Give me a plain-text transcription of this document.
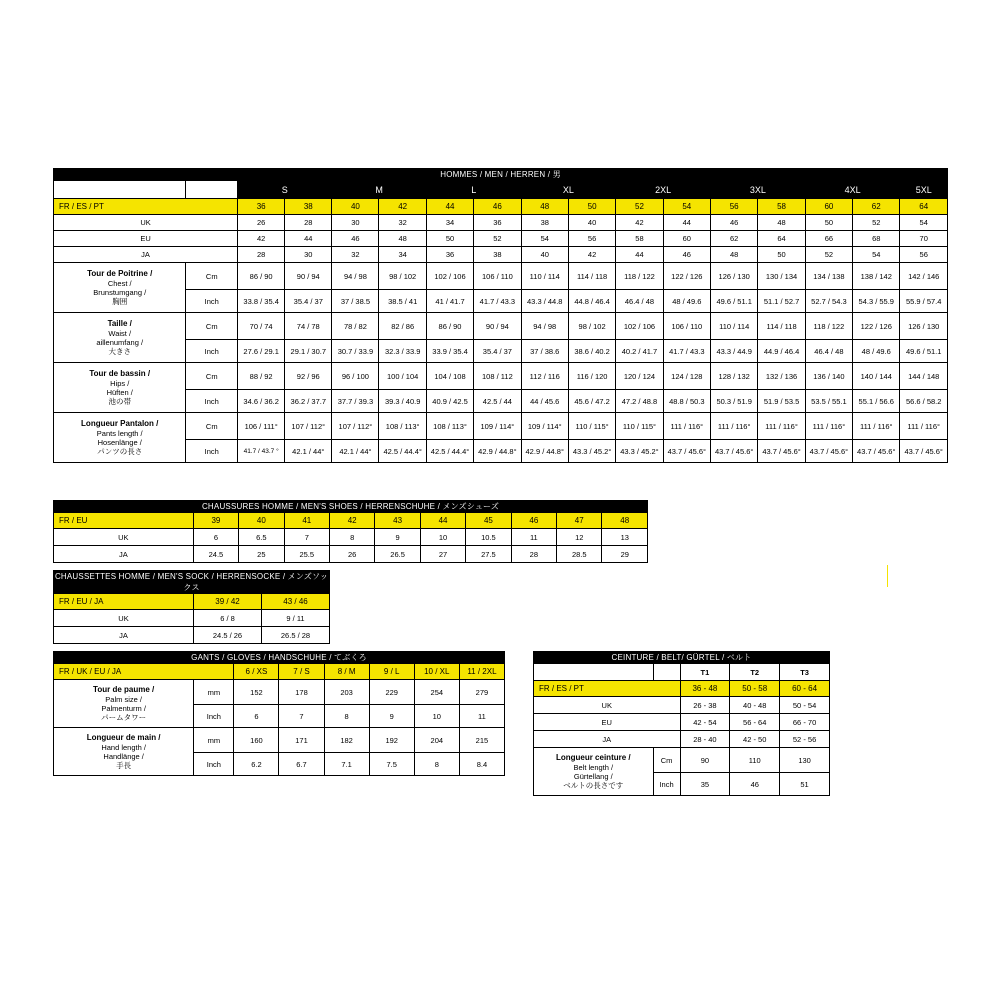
HOMMES / MEN / HERREN / 男																
		S		M		L		XL		2XL		3XL		4XL		5XL
FR / ES / PT		36	38	40	42	44	46	48	50	52	54	56	58	60	62	64
UK		26	28	30	32	34	36	38	40	42	44	46	48	50	52	54
EU		42	44	46	48	50	52	54	56	58	60	62	64	66	68	70
JA		28	30	32	34	36	38	40	42	44	46	48	50	52	54	56
Tour de Poitrine /
Chest /
Brunstumgang /
胸囲	Cm	86 / 90	90 / 94	94 / 98	98 / 102	102 / 106	106 / 110	110 / 114	114 / 118	118 / 122	122 / 126	126 / 130	130 / 134	134 / 138	138 / 142	142 / 146
	Inch	33.8 / 35.4	35.4 / 37	37 / 38.5	38.5 / 41	41 / 41.7	41.7 / 43.3	43.3 / 44.8	44.8 / 46.4	46.4 / 48	48 / 49.6	49.6 / 51.1	51.1 / 52.7	52.7 / 54.3	54.3 / 55.9	55.9 / 57.4
Taille /
Waist /
aillenumfang /
大きさ	Cm	70 / 74	74 / 78	78 / 82	82 / 86	86 / 90	90 / 94	94 / 98	98 / 102	102 / 106	106 / 110	110 / 114	114 / 118	118 / 122	122 / 126	126 / 130
	Inch	27.6 / 29.1	29.1 / 30.7	30.7 / 33.9	32.3 / 33.9	33.9 / 35.4	35.4 / 37	37 / 38.6	38.6 / 40.2	40.2 / 41.7	41.7 / 43.3	43.3 / 44.9	44.9 / 46.4	46.4 / 48	48 / 49.6	49.6 / 51.1
Tour de bassin /
Hips /
Hüften /
池の帯	Cm	88 / 92	92 / 96	96 / 100	100 / 104	104 / 108	108 / 112	112 / 116	116 / 120	120 / 124	124 / 128	128 / 132	132 / 136	136 / 140	140 / 144	144 / 148
	Inch	34.6 / 36.2	36.2 / 37.7	37.7 / 39.3	39.3 / 40.9	40.9 / 42.5	42.5 / 44	44 / 45.6	45.6 / 47.2	47.2 / 48.8	48.8 / 50.3	50.3 / 51.9	51.9 / 53.5	53.5 / 55.1	55.1 / 56.6	56.6 / 58.2
Longueur Pantalon /
Pants length /
Hosenlänge /
パンツの長さ	Cm	106 / 111°	107 / 112°	107 / 112°	108 / 113°	108 / 113°	109 / 114°	109 / 114°	110 / 115°	110 / 115°	111 / 116°	111 / 116°	111 / 116°	111 / 116°	111 / 116°	111 / 116°
	Inch	41.7 / 43.7 °	42.1 / 44°	42.1 / 44°	42.5 / 44.4°	42.5 / 44.4°	42.9 / 44.8°	42.9 / 44.8°	43.3 / 45.2°	43.3 / 45.2°	43.7 / 45.6°	43.7 / 45.6°	43.7 / 45.6°	43.7 / 45.6°	43.7 / 45.6°	43.7 / 45.6°
CHAUSSURES HOMME / MEN'S SHOES / HERRENSCHUHE / メンズシューズ										
FR / EU	39	40	41	42	43	44	45	46	47	48
UK	6	6.5	7	8	9	10	10.5	11	12	13
JA	24.5	25	25.5	26	26.5	27	27.5	28	28.5	29
CHAUSSETTES HOMME / MEN'S SOCK / HERRENSOCKE / メンズソックス		
FR / EU / JA	39 / 42	43 / 46
UK	6 / 8	9 / 11
JA	24.5 / 26	26.5 / 28
GANTS / GLOVES / HANDSCHUHE / てぶくろ							
FR / UK / EU / JA		6 / XS	7 / S	8 / M	9 / L	10 / XL	11 / 2XL
Tour de paume /
Palm size /
Palmenturm /
パームタワー	mm	152	178	203	229	254	279
	Inch	6	7	8	9	10	11
Longueur de main /
Hand length /
Handlänge /
手長	mm	160	171	182	192	204	215
	Inch	6.2	6.7	7.1	7.5	8	8.4
CEINTURE / BELT/ GÜRTEL / ベルト				
		T1	T2	T3
FR / ES / PT		36 - 48	50 - 58	60 - 64
UK		26 - 38	40 - 48	50 - 54
EU		42 - 54	56 - 64	66 - 70
JA		28 - 40	42 - 50	52 - 56
Longueur ceinture /
Belt length /
Gürtellang /
ベルトの長さです	Cm	90	110	130
	Inch	35	46	51
